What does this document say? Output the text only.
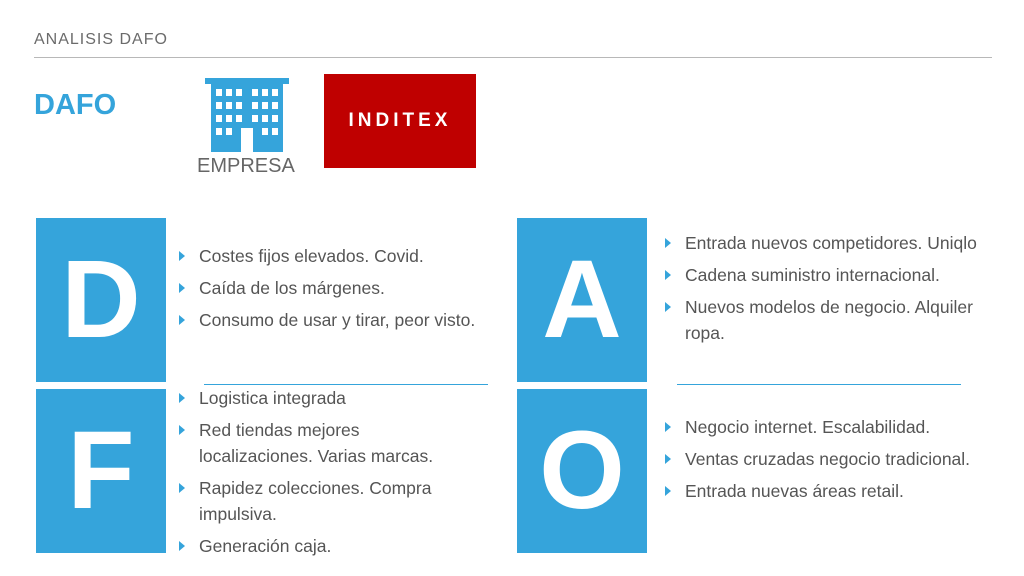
ANALISIS DAFO
DAFO
EMPRESA
INDITEX
D	Costes fijos elevados. Covid.
Caída de los márgenes.
Consumo de usar y tirar, peor visto. A	Entrada nuevos competidores. Uniqlo
Cadena suministro internacional.
Nuevos modelos de negocio. Alquiler ropa.
F
Logistica integrada
Red tiendas mejores localizaciones. Varias marcas.
Rapidez colecciones. Compra impulsiva.
Generación caja.
O	Negocio internet. Escalabilidad.
Ventas cruzadas negocio tradicional.
Entrada nuevas áreas retail.
